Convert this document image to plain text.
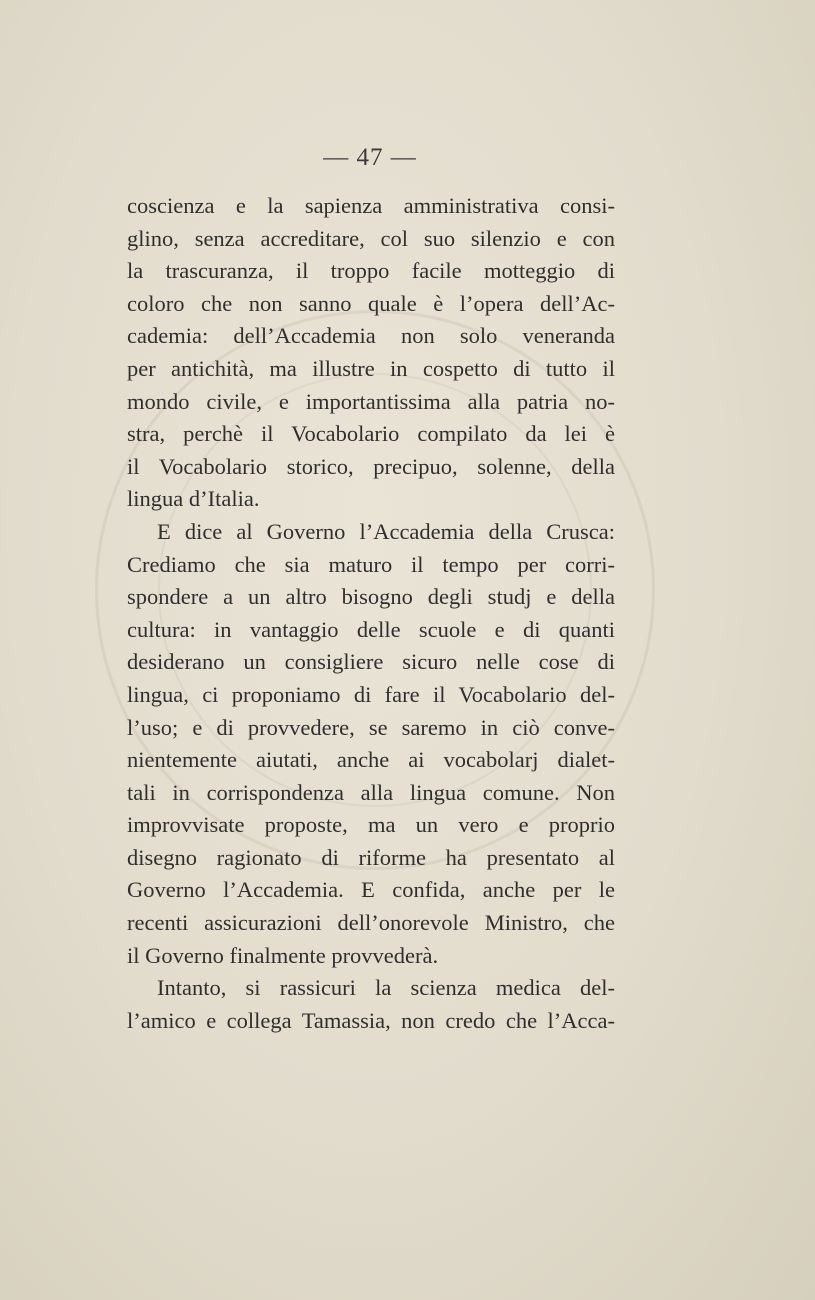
— 47 —
coscienza e la sapienza amministrativa consi-
glino, senza accreditare, col suo silenzio e con
la trascuranza, il troppo facile motteggio di
coloro che non sanno quale è l’opera dell’Ac-
cademia: dell’Accademia non solo veneranda
per antichità, ma illustre in cospetto di tutto il
mondo civile, e importantissima alla patria no-
stra, perchè il Vocabolario compilato da lei è
il Vocabolario storico, precipuo, solenne, della
lingua d’Italia.
E dice al Governo l’Accademia della Crusca:
Crediamo che sia maturo il tempo per corri-
spondere a un altro bisogno degli studj e della
cultura: in vantaggio delle scuole e di quanti
desiderano un consigliere sicuro nelle cose di
lingua, ci proponiamo di fare il Vocabolario del-
l’uso; e di provvedere, se saremo in ciò conve-
nientemente aiutati, anche ai vocabolarj dialet-
tali in corrispondenza alla lingua comune. Non
improvvisate proposte, ma un vero e proprio
disegno ragionato di riforme ha presentato al
Governo l’Accademia. E confida, anche per le
recenti assicurazioni dell’onorevole Ministro, che
il Governo finalmente provvederà.
Intanto, si rassicuri la scienza medica del-
l’amico e collega Tamassia, non credo che l’Acca-
